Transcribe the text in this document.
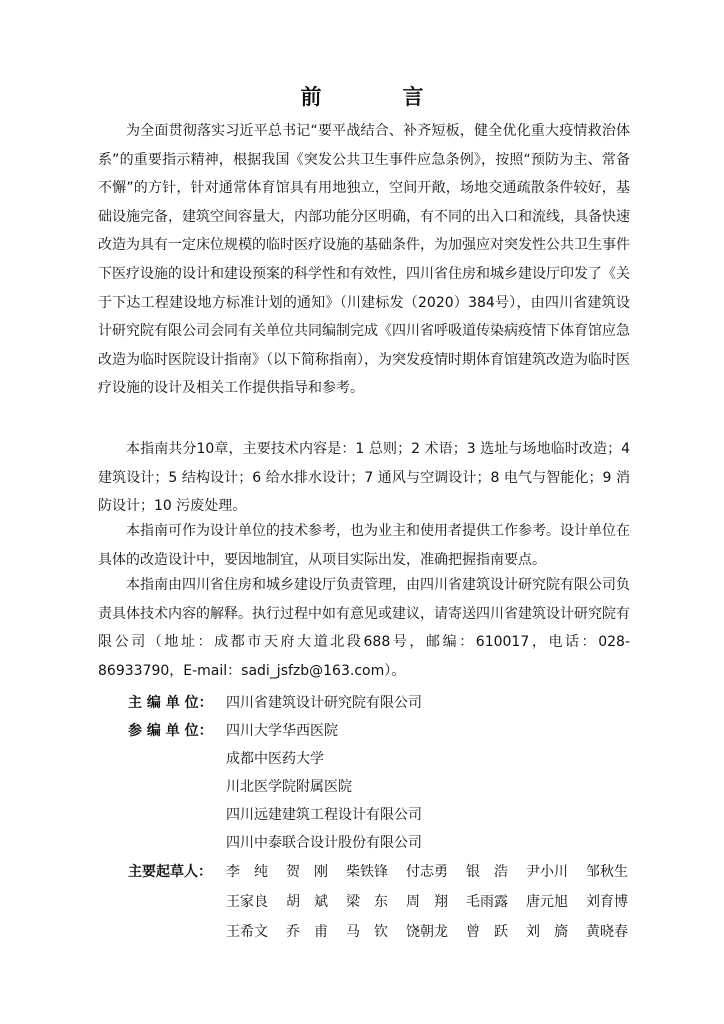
前　言

为全面贯彻落实习近平总书记“要平战结合、补齐短板，健全优化重大疫情救治体系”的重要指示精神，根据我国《突发公共卫生事件应急条例》，按照“预防为主、常备不懈”的方针，针对通常体育馆具有用地独立，空间开敞，场地交通疏散条件较好，基础设施完备，建筑空间容量大，内部功能分区明确，有不同的出入口和流线，具备快速改造为具有一定床位规模的临时医疗设施的基础条件，为加强应对突发性公共卫生事件下医疗设施的设计和建设预案的科学性和有效性，四川省住房和城乡建设厅印发了《关于下达工程建设地方标准计划的通知》（川建标发（2020）384号），由四川省建筑设计研究院有限公司会同有关单位共同编制完成《四川省呼吸道传染病疫情下体育馆应急改造为临时医院设计指南》（以下简称指南），为突发疫情时期体育馆建筑改造为临时医疗设施的设计及相关工作提供指导和参考。

本指南共分10章，主要技术内容是：1 总则；2 术语；3 选址与场地临时改造；4 建筑设计；5 结构设计；6 给水排水设计；7 通风与空调设计；8 电气与智能化；9 消防设计；10 污废处理。

本指南可作为设计单位的技术参考，也为业主和使用者提供工作参考。设计单位在具体的改造设计中，要因地制宜，从项目实际出发，准确把握指南要点。

本指南由四川省住房和城乡建设厅负责管理，由四川省建筑设计研究院有限公司负责具体技术内容的解释。执行过程中如有意见或建议，请寄送四川省建筑设计研究院有限公司（地址：成都市天府大道北段688号，邮编：610017，电话：028-86933790，E-mail：sadi_jsfzb@163.com）。

主 编 单 位： 四川省建筑设计研究院有限公司
参 编 单 位： 四川大学华西医院
成都中医药大学
川北医学院附属医院
四川远建建筑工程设计有限公司
四川中泰联合设计股份有限公司
主要起草人： 李　纯 贺　刚 柴铁锋 付志勇 银　浩 尹小川 邹秋生
王家良 胡　斌 梁　东 周　翔 毛雨露 唐元旭 刘育博
王希文 乔　甫 马　钦 饶朝龙 曾　跃 刘　旖 黄晓春
